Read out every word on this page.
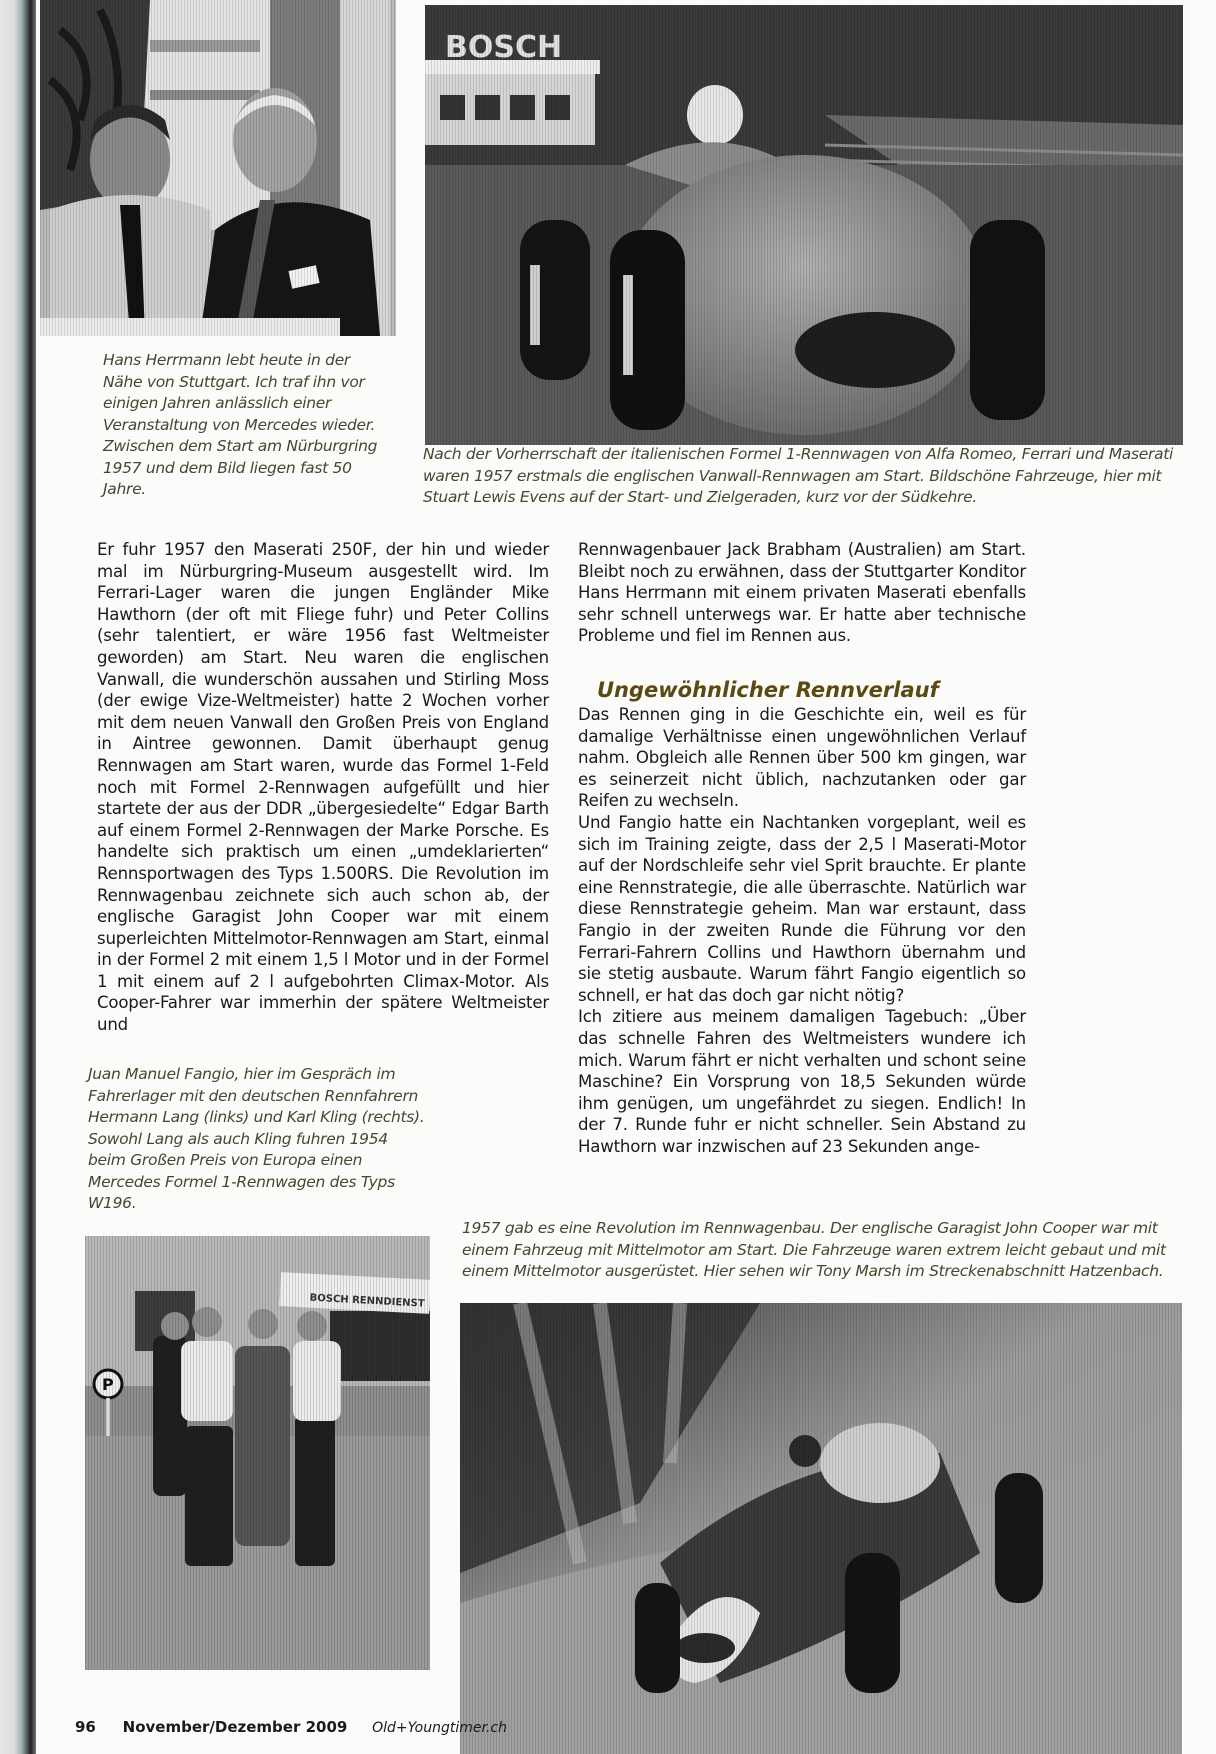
Hans Herrmann lebt heute in der Nähe von Stuttgart. Ich traf ihn vor einigen Jahren anlässlich einer Veranstaltung von Mercedes wieder. Zwischen dem Start am Nürburgring 1957 und dem Bild liegen fast 50 Jahre.
Nach der Vorherrschaft der italienischen Formel 1-Rennwagen von Alfa Romeo, Ferrari und Maserati waren 1957 erstmals die englischen Vanwall-Rennwagen am Start. Bildschöne Fahrzeuge, hier mit Stuart Lewis Evens auf der Start- und Zielgeraden, kurz vor der Südkehre.

Er fuhr 1957 den Maserati 250F, der hin und wieder mal im Nürburgring-Museum ausgestellt wird. Im Ferrari-Lager waren die jungen Engländer Mike Hawthorn (der oft mit Fliege fuhr) und Peter Collins (sehr talentiert, er wäre 1956 fast Weltmeister geworden) am Start. Neu waren die englischen Vanwall, die wunderschön aussahen und Stirling Moss (der ewige Vize-Weltmeister) hatte 2 Wochen vorher mit dem neuen Vanwall den Großen Preis von England in Aintree gewonnen. Damit überhaupt genug Rennwagen am Start waren, wurde das Formel 1-Feld noch mit Formel 2-Rennwagen aufgefüllt und hier startete der aus der DDR „übergesiedelte“ Edgar Barth auf einem Formel 2-Rennwagen der Marke Porsche. Es handelte sich praktisch um einen „umdeklarierten“ Rennsportwagen des Typs 1.500RS. Die Revolution im Rennwagenbau zeichnete sich auch schon ab, der englische Garagist John Cooper war mit einem superleichten Mittelmotor-Rennwagen am Start, einmal in der Formel 2 mit einem 1,5 l Motor und in der Formel 1 mit einem auf 2 l aufgebohrten Climax-Motor. Als Cooper-Fahrer war immerhin der spätere Weltmeister und

Rennwagenbauer Jack Brabham (Australien) am Start. Bleibt noch zu erwähnen, dass der Stuttgarter Konditor Hans Herrmann mit einem privaten Maserati ebenfalls sehr schnell unterwegs war. Er hatte aber technische Probleme und fiel im Rennen aus.

Ungewöhnlicher Rennverlauf

Das Rennen ging in die Geschichte ein, weil es für damalige Verhältnisse einen ungewöhnlichen Verlauf nahm. Obgleich alle Rennen über 500 km gingen, war es seinerzeit nicht üblich, nachzutanken oder gar Reifen zu wechseln.

Und Fangio hatte ein Nachtanken vorgeplant, weil es sich im Training zeigte, dass der 2,5 l Maserati-Motor auf der Nordschleife sehr viel Sprit brauchte. Er plante eine Rennstrategie, die alle überraschte. Natürlich war diese Rennstrategie geheim. Man war erstaunt, dass Fangio in der zweiten Runde die Führung vor den Ferrari-Fahrern Collins und Hawthorn übernahm und sie stetig ausbaute. Warum fährt Fangio eigentlich so schnell, er hat das doch gar nicht nötig?

Ich zitiere aus meinem damaligen Tagebuch: „Über das schnelle Fahren des Weltmeisters wundere ich mich. Warum fährt er nicht verhalten und schont seine Maschine? Ein Vorsprung von 18,5 Sekunden würde ihm genügen, um ungefährdet zu siegen. Endlich! In der 7. Runde fuhr er nicht schneller. Sein Abstand zu Hawthorn war inzwischen auf 23 Sekunden ange-

Juan Manuel Fangio, hier im Gespräch im Fahrerlager mit den deutschen Rennfahrern Hermann Lang (links) und Karl Kling (rechts). Sowohl Lang als auch Kling fuhren 1954 beim Großen Preis von Europa einen Mercedes Formel 1-Rennwagen des Typs W196.
1957 gab es eine Revolution im Rennwagenbau. Der englische Garagist John Cooper war mit einem Fahrzeug mit Mittelmotor am Start. Die Fahrzeuge waren extrem leicht gebaut und mit einem Mittelmotor ausgerüstet. Hier sehen wir Tony Marsh im Streckenabschnitt Hatzenbach.
96 November/Dezember 2009 Old+Youngtimer.ch
